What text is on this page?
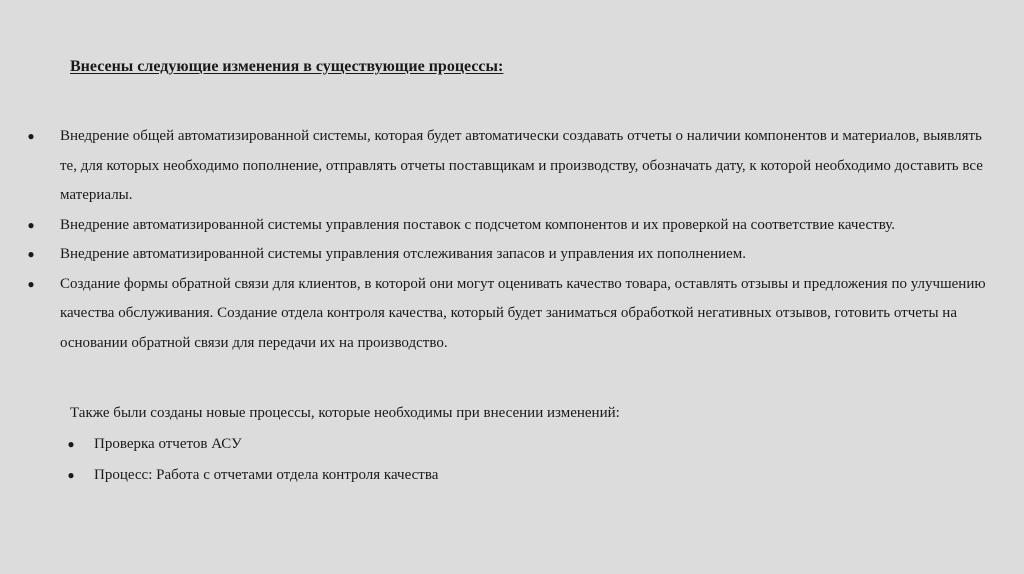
Внесены следующие изменения в существующие процессы:
● Внедрение общей автоматизированной системы, которая будет автоматически создавать отчеты о наличии компонентов и материалов, выявлять те, для которых необходимо пополнение, отправлять отчеты поставщикам и производству, обозначать дату, к которой необходимо доставить все материалы.
● Внедрение автоматизированной системы управления поставок с подсчетом компонентов и их проверкой на соответствие качеству.
● Внедрение автоматизированной системы управления отслеживания запасов и управления их пополнением.
● Создание формы обратной связи для клиентов, в которой они могут оценивать качество товара, оставлять отзывы и предложения по улучшению качества обслуживания. Создание отдела контроля качества, который будет заниматься обработкой негативных отзывов, готовить отчеты на основании обратной связи для передачи их на производство.
Также были созданы новые процессы, которые необходимы при внесении изменений:
● Проверка отчетов АСУ
● Процесс: Работа с отчетами отдела контроля качества
